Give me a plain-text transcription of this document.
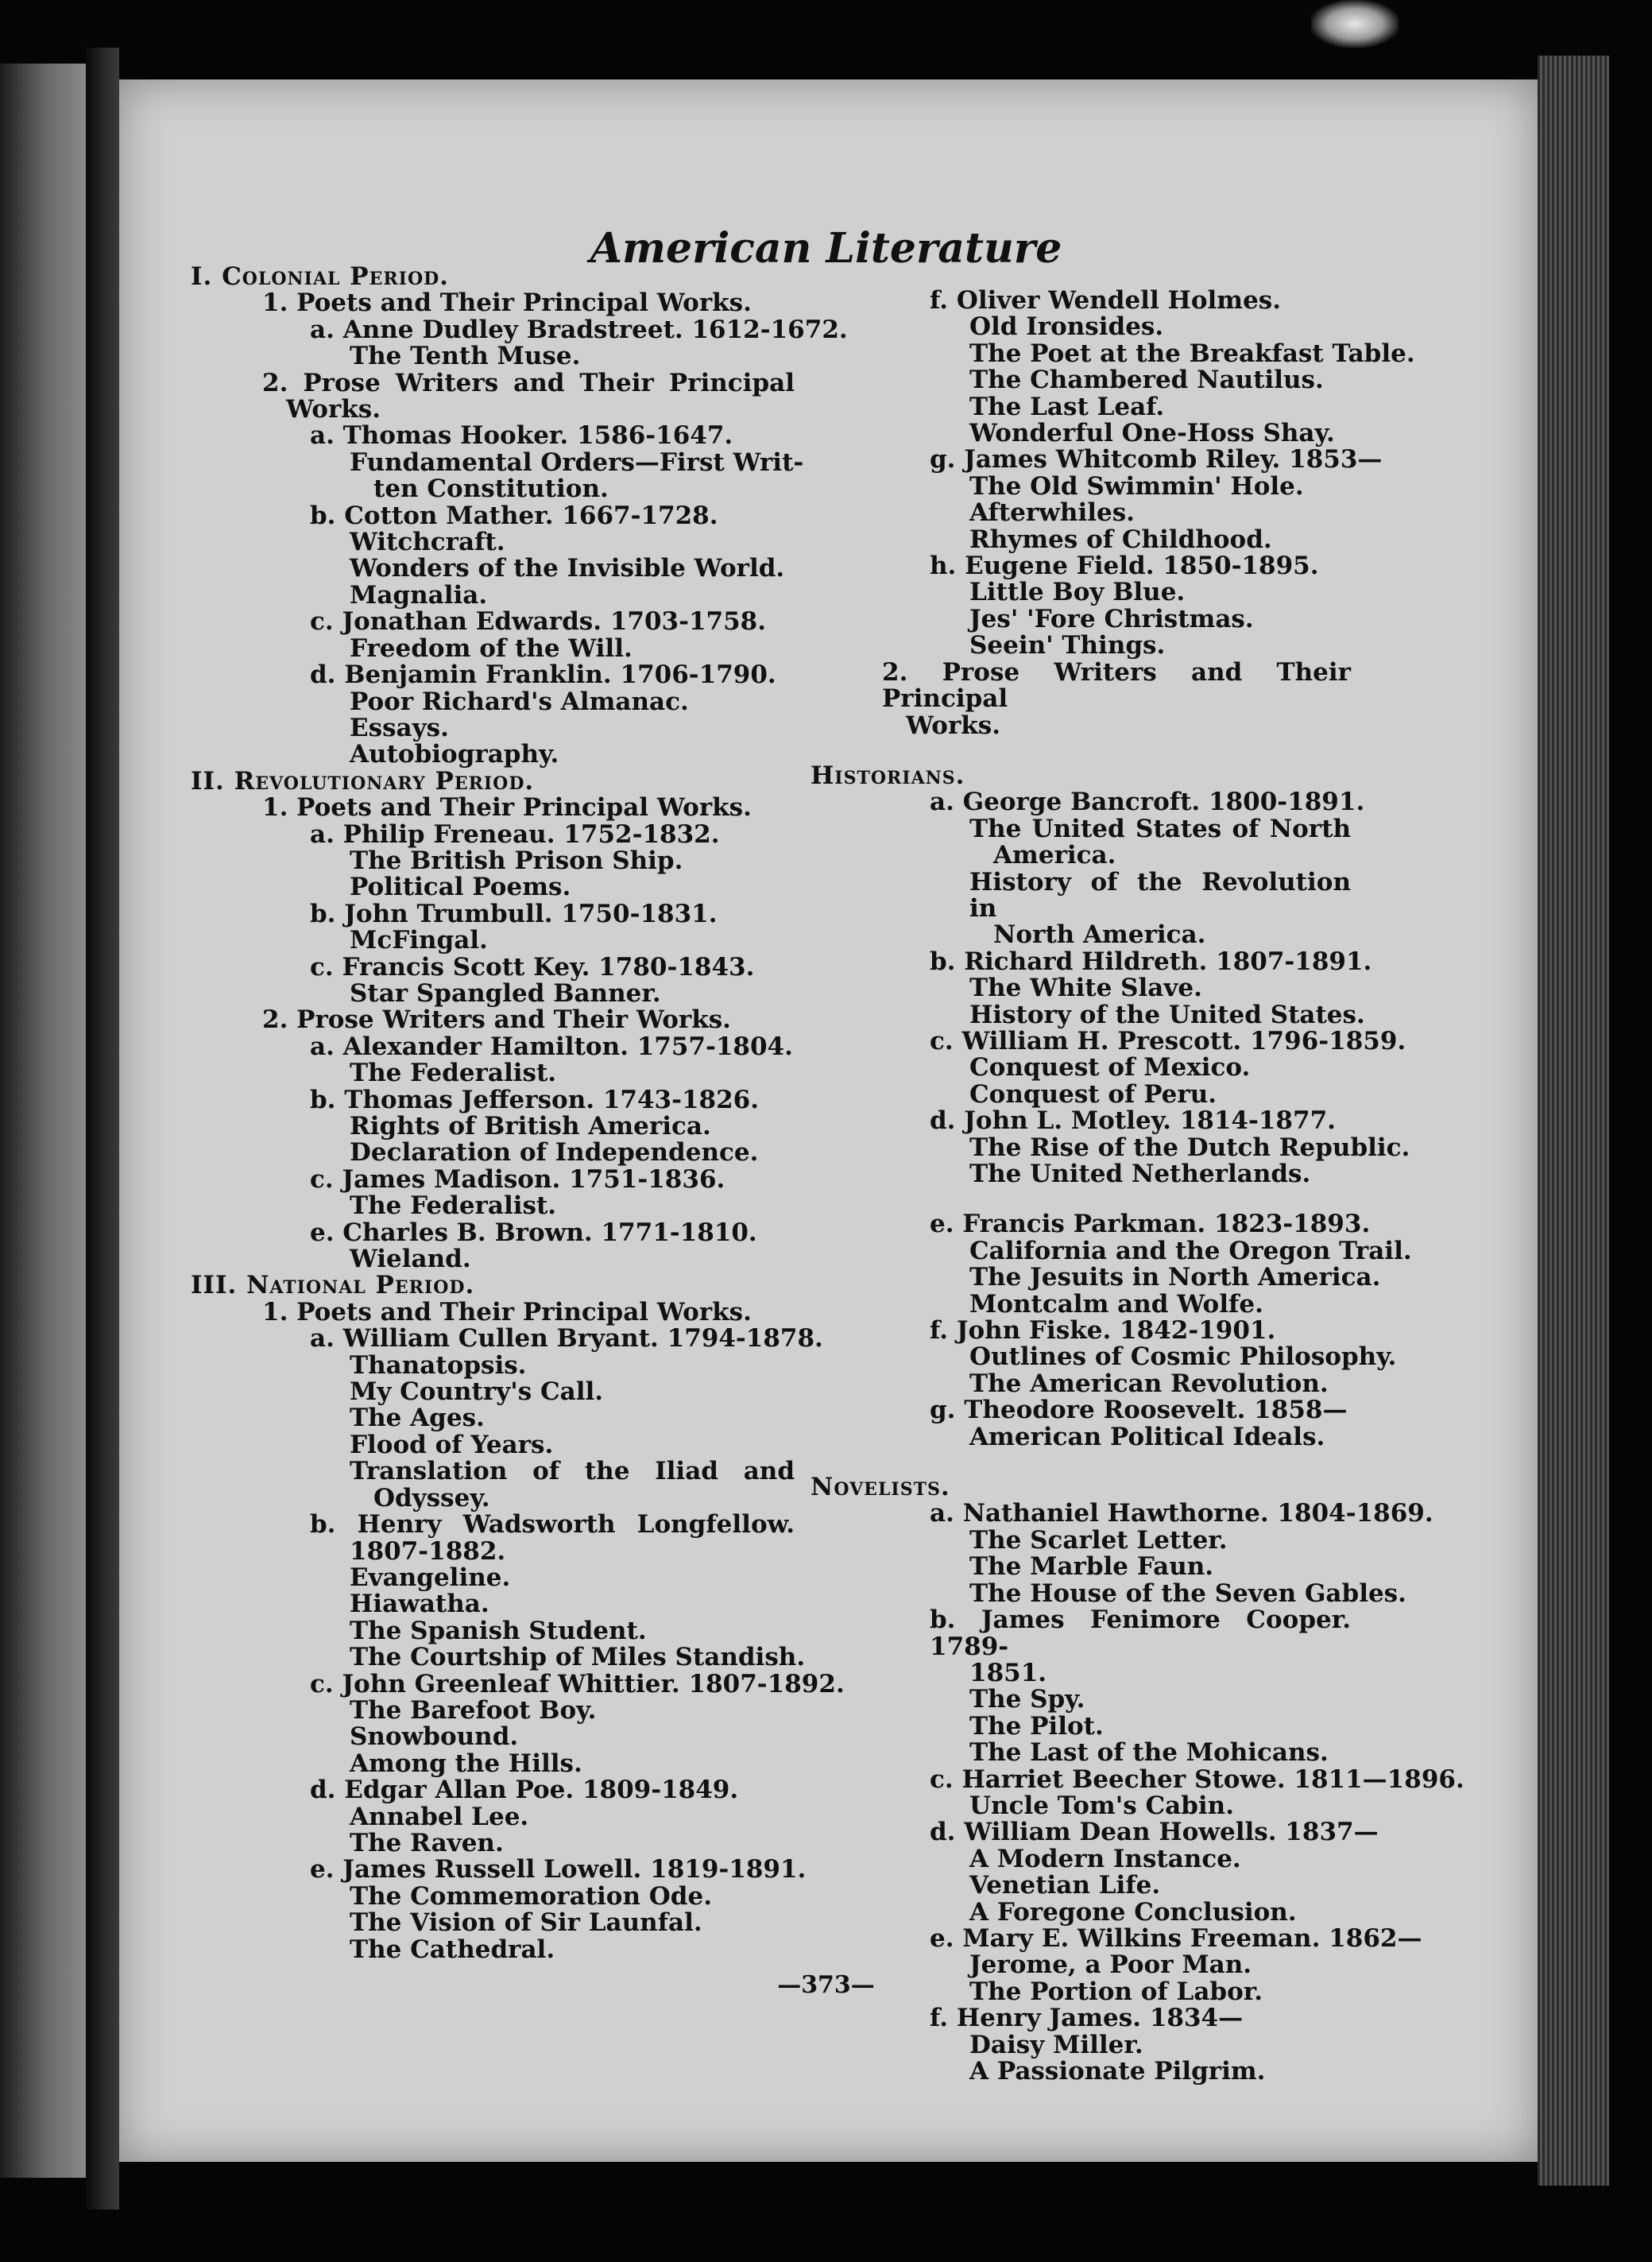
American Literature
I. Colonial Period.
1. Poets and Their Principal Works.
a. Anne Dudley Bradstreet. 1612-1672.
The Tenth Muse.
2. Prose Writers and Their Principal
Works.
a. Thomas Hooker. 1586-1647.
Fundamental Orders—First Writ-
ten Constitution.
b. Cotton Mather. 1667-1728.
Witchcraft.
Wonders of the Invisible World.
Magnalia.
c. Jonathan Edwards. 1703-1758.
Freedom of the Will.
d. Benjamin Franklin. 1706-1790.
Poor Richard's Almanac.
Essays.
Autobiography.
II. Revolutionary Period.
1. Poets and Their Principal Works.
a. Philip Freneau. 1752-1832.
The British Prison Ship.
Political Poems.
b. John Trumbull. 1750-1831.
McFingal.
c. Francis Scott Key. 1780-1843.
Star Spangled Banner.
2. Prose Writers and Their Works.
a. Alexander Hamilton. 1757-1804.
The Federalist.
b. Thomas Jefferson. 1743-1826.
Rights of British America.
Declaration of Independence.
c. James Madison. 1751-1836.
The Federalist.
e. Charles B. Brown. 1771-1810.
Wieland.
III. National Period.
1. Poets and Their Principal Works.
a. William Cullen Bryant. 1794-1878.
Thanatopsis.
My Country's Call.
The Ages.
Flood of Years.
Translation of the Iliad and
Odyssey.
b. Henry Wadsworth Longfellow.
1807-1882.
Evangeline.
Hiawatha.
The Spanish Student.
The Courtship of Miles Standish.
c. John Greenleaf Whittier. 1807-1892.
The Barefoot Boy.
Snowbound.
Among the Hills.
d. Edgar Allan Poe. 1809-1849.
Annabel Lee.
The Raven.
e. James Russell Lowell. 1819-1891.
The Commemoration Ode.
The Vision of Sir Launfal.
The Cathedral.
f. Oliver Wendell Holmes.
Old Ironsides.
The Poet at the Breakfast Table.
The Chambered Nautilus.
The Last Leaf.
Wonderful One-Hoss Shay.
g. James Whitcomb Riley. 1853—
The Old Swimmin' Hole.
Afterwhiles.
Rhymes of Childhood.
h. Eugene Field. 1850-1895.
Little Boy Blue.
Jes' 'Fore Christmas.
Seein' Things.
2. Prose Writers and Their Principal
Works.
Historians.
a. George Bancroft. 1800-1891.
The United States of North
America.
History of the Revolution in
North America.
b. Richard Hildreth. 1807-1891.
The White Slave.
History of the United States.
c. William H. Prescott. 1796-1859.
Conquest of Mexico.
Conquest of Peru.
d. John L. Motley. 1814-1877.
The Rise of the Dutch Republic.
The United Netherlands.
e. Francis Parkman. 1823-1893.
California and the Oregon Trail.
The Jesuits in North America.
Montcalm and Wolfe.
f. John Fiske. 1842-1901.
Outlines of Cosmic Philosophy.
The American Revolution.
g. Theodore Roosevelt. 1858—
American Political Ideals.
Novelists.
a. Nathaniel Hawthorne. 1804-1869.
The Scarlet Letter.
The Marble Faun.
The House of the Seven Gables.
b. James Fenimore Cooper. 1789-
1851.
The Spy.
The Pilot.
The Last of the Mohicans.
c. Harriet Beecher Stowe. 1811—1896.
Uncle Tom's Cabin.
d. William Dean Howells. 1837—
A Modern Instance.
Venetian Life.
A Foregone Conclusion.
e. Mary E. Wilkins Freeman. 1862—
Jerome, a Poor Man.
The Portion of Labor.
f. Henry James. 1834—
Daisy Miller.
A Passionate Pilgrim.
—373—
